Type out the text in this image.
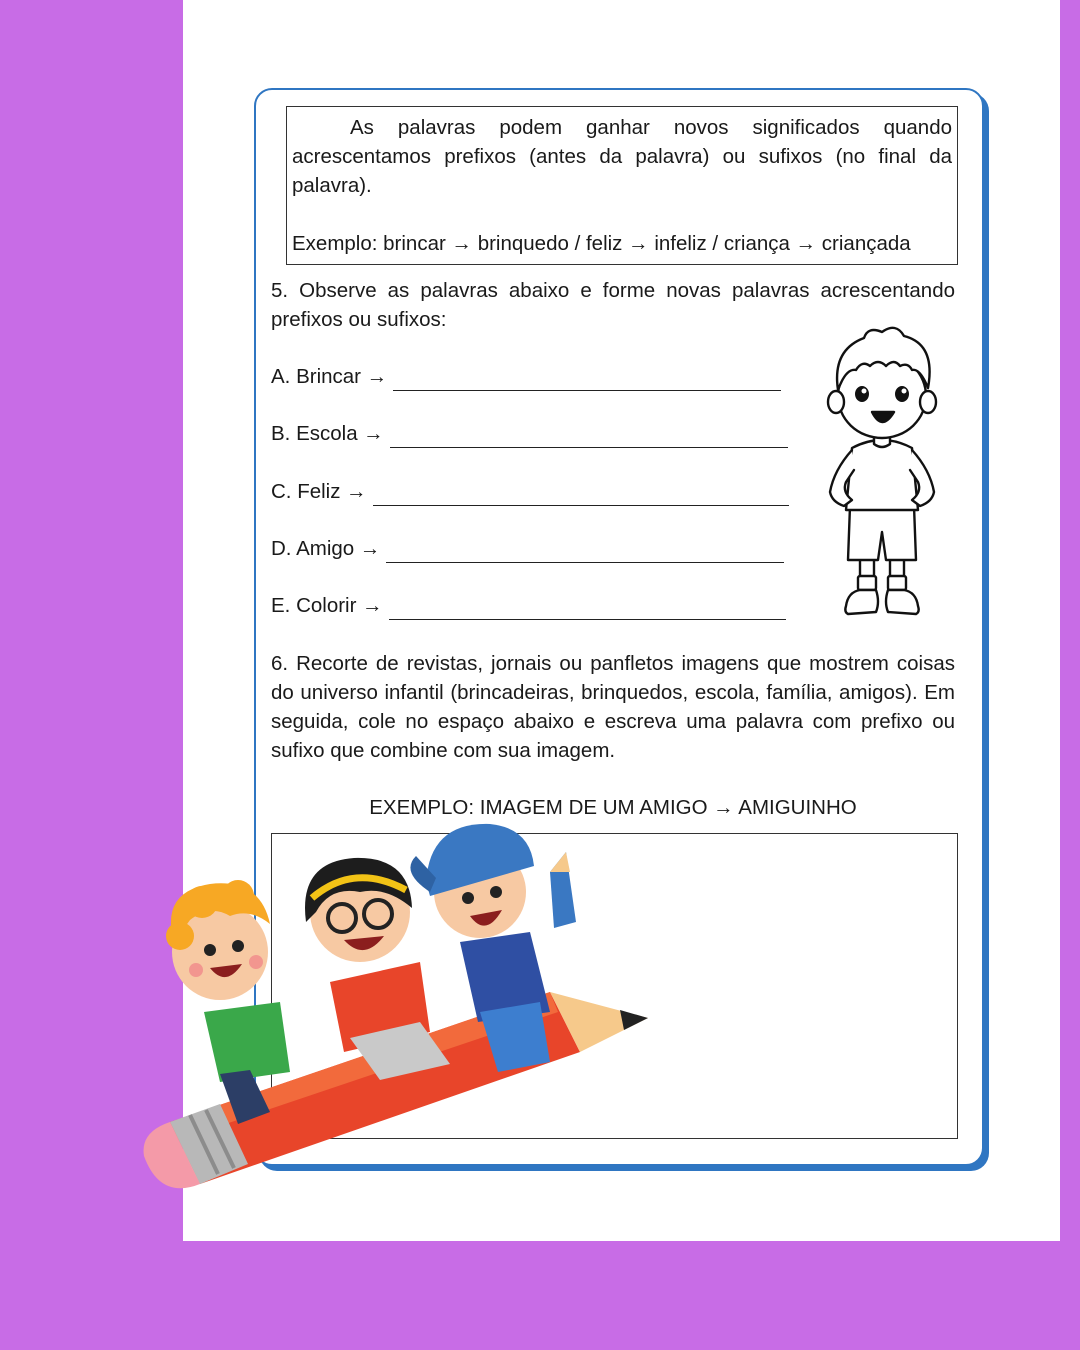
As palavras podem ganhar novos significados quando acrescentamos prefixos (antes da palavra) ou sufixos (no final da palavra).

Exemplo: brincar → brinquedo / feliz → infeliz / criança → criançada

5. Observe as palavras abaixo e forme novas palavras acrescentando prefixos ou sufixos:
A. Brincar →
B. Escola →
C. Feliz →
D. Amigo →
E. Colorir →
6. Recorte de revistas, jornais ou panfletos imagens que mostrem coisas do universo infantil (brincadeiras, brinquedos, escola, família, amigos). Em seguida, cole no espaço abaixo e escreva uma palavra com prefixo ou sufixo que combine com sua imagem.
EXEMPLO: IMAGEM DE UM AMIGO → AMIGUINHO
